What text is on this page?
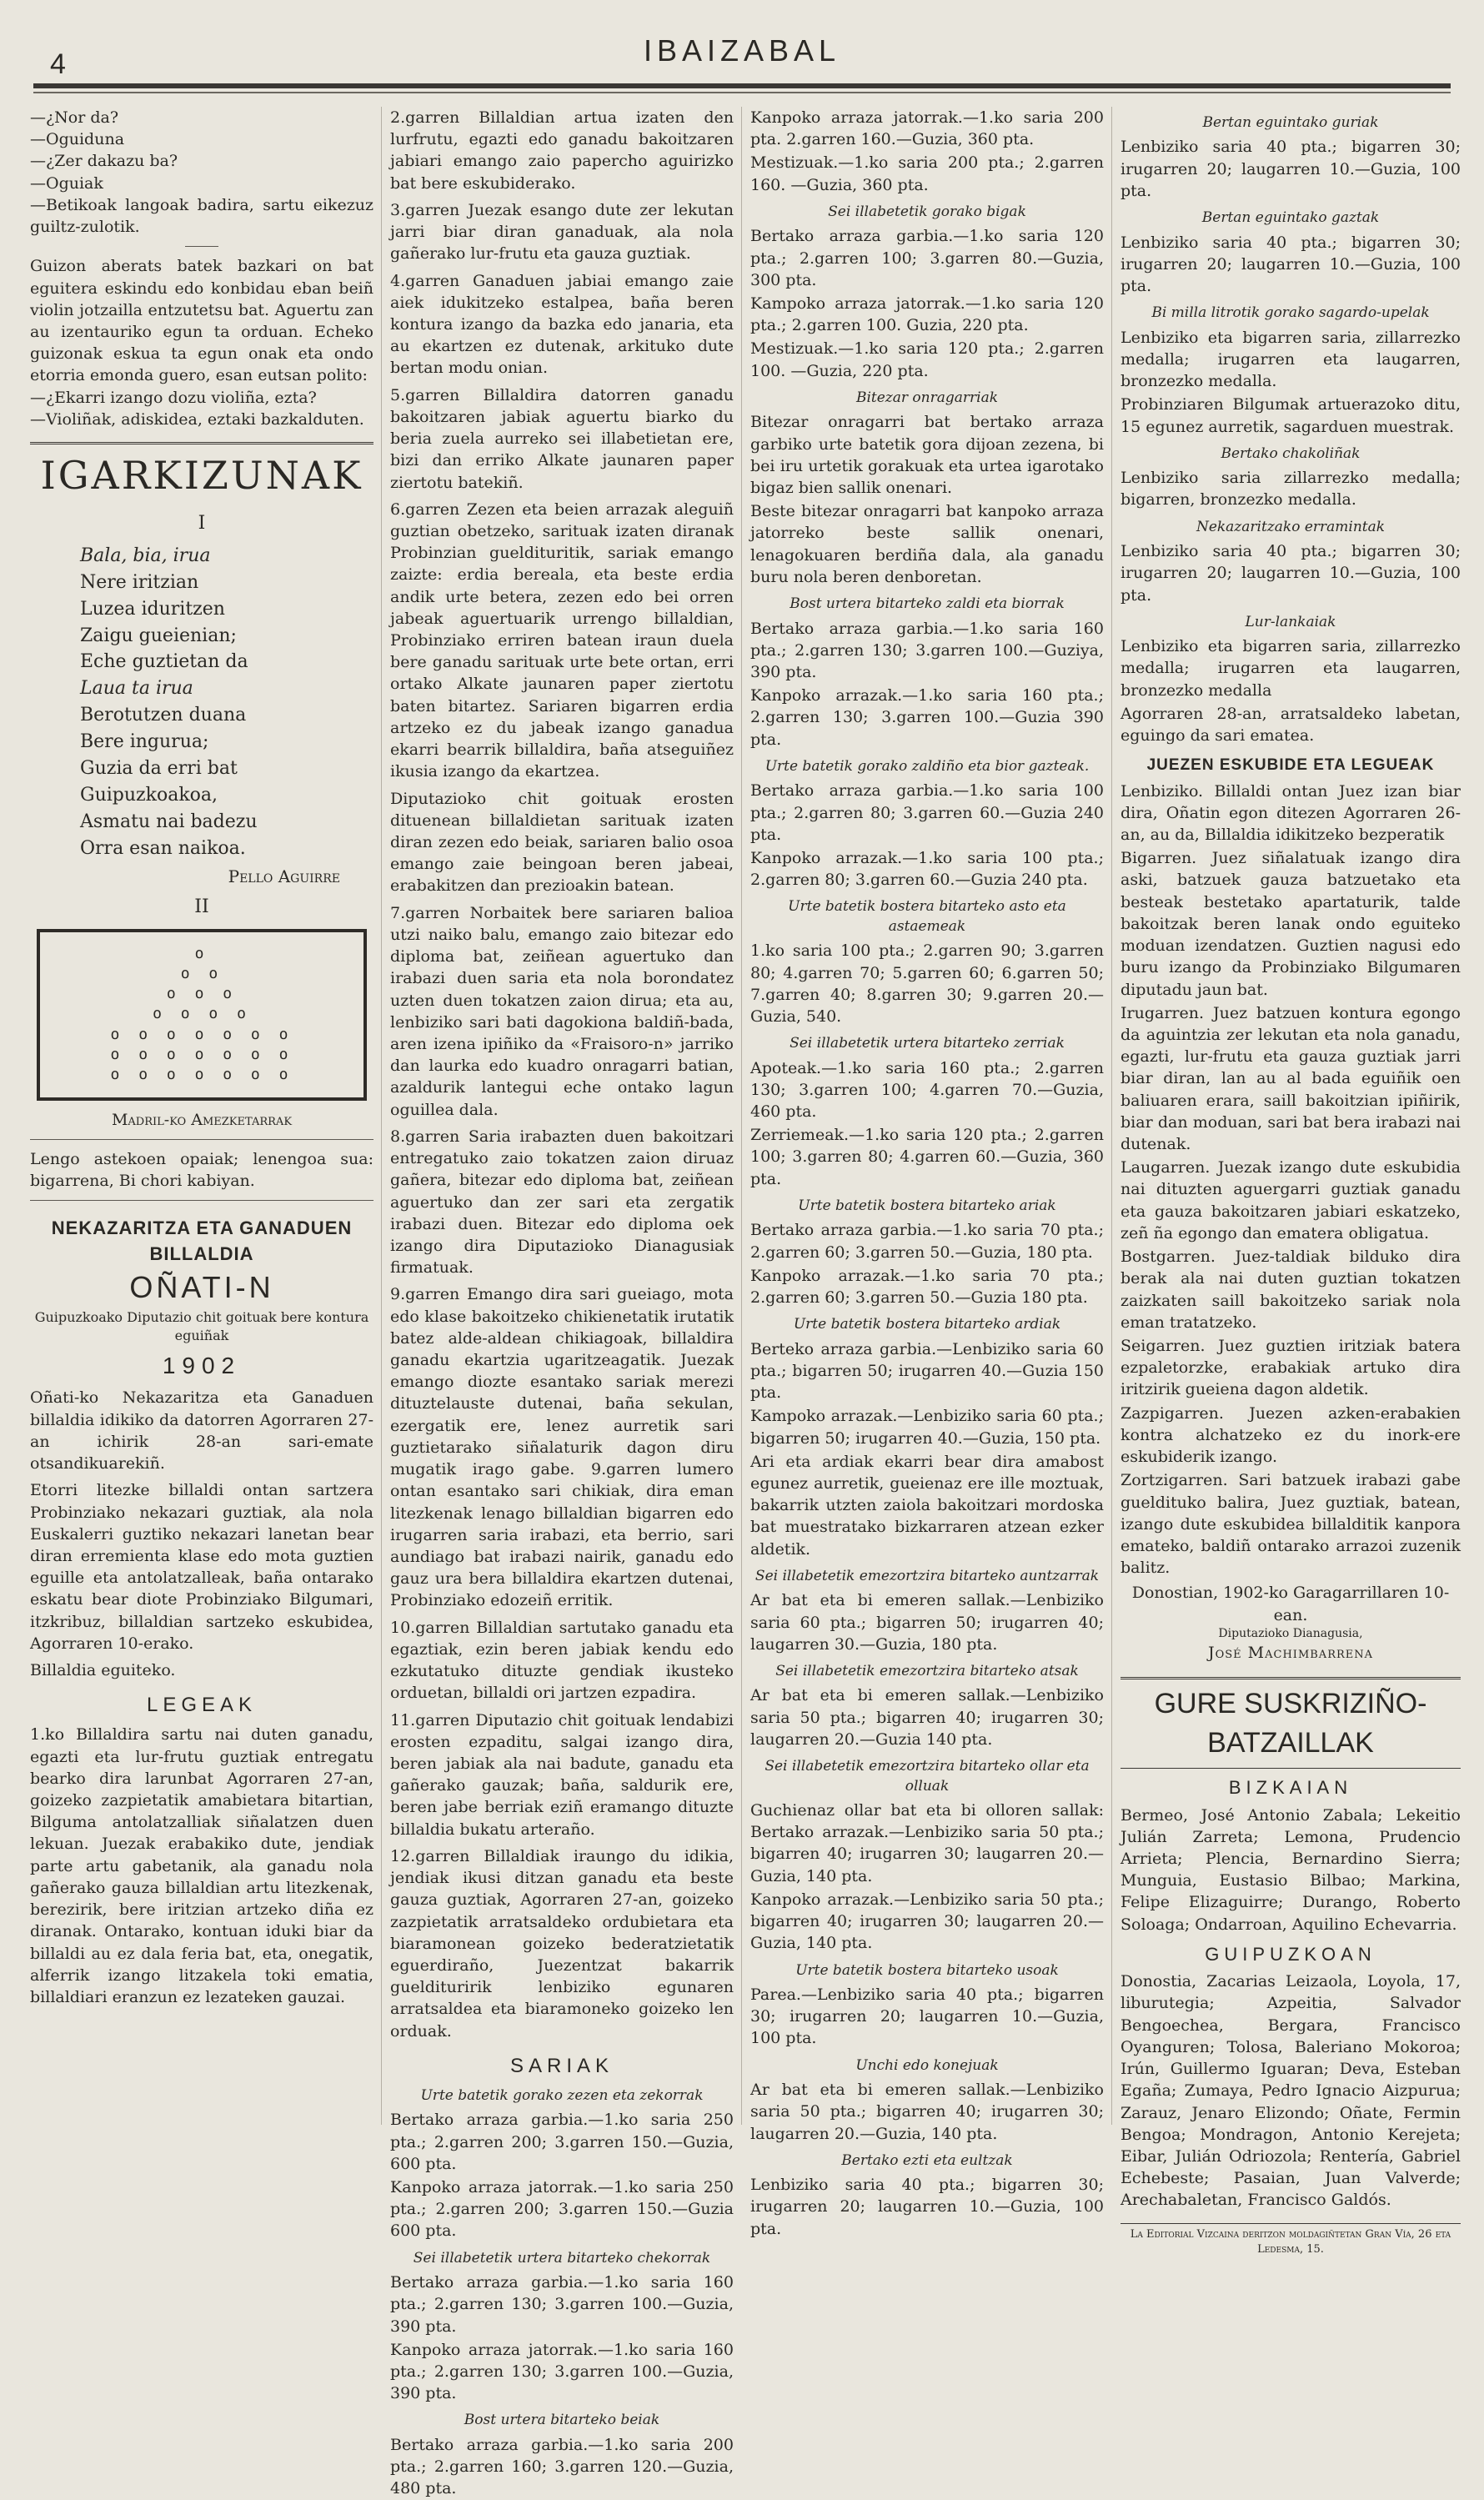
4	IBAIZABAL

—¿Nor da?

—Oguiduna

—¿Zer dakazu ba?

—Oguiak

—Betikoak langoak badira, sartu eikezuz guiltz-zulotik.

Guizon aberats batek bazkari on bat eguitera eskindu edo konbidau eban beiñ violin jotzailla entzutetsu bat. Aguertu zan au izentauriko egun ta orduan. Echeko guizonak eskua ta egun onak eta ondo etorria emonda guero, esan eutsan polito:

—¿Ekarri izango dozu violiña, ezta?

—Violiñak, adiskidea, eztaki bazkalduten.

IGARKIZUNAK
I
Bala, bia, irua
Nere iritzian
Luzea iduritzen
Zaigu gueienian;
Eche guztietan da
Laua ta irua
Berotutzen duana
Bere ingurua;
Guzia da erri bat
Guipuzkoakoa,
Asmatu nai badezu
Orra esan naikoa.
Pello Aguirre
II
o
o o
o o o
o o o o
o o o o o o o
o o o o o o o
o o o o o o o
Madril-ko Amezketarrak

Lengo astekoen opaiak; lenengoa sua: bigarrena, Bi chori kabiyan.

NEKAZARITZA ETA GANADUEN BILLALDIA
OÑATI-N
Guipuzkoako Diputazio chit goituak bere kontura eguiñak
1902

Oñati-ko Nekazaritza eta Ganaduen billaldia idikiko da datorren Agorraren 27-an ichirik 28-an sari-emate otsandikuarekiñ.

Etorri litezke billaldi ontan sartzera Probinziako nekazari guztiak, ala nola Euskalerri guztiko nekazari lanetan bear diran erremienta klase edo mota guztien eguille eta antolatzalleak, baña ontarako eskatu bear diote Probinziako Bilgumari, itzkribuz, billaldian sartzeko eskubidea, Agorraren 10-erako.

Billaldia eguiteko.

LEGEAK

1.ko Billaldira sartu nai duten ganadu, egazti eta lur-frutu guztiak entregatu bearko dira larunbat Agorraren 27-an, goizeko zazpietatik amabietara bitartian, Bilguma antolatzalliak siñalatzen duen lekuan. Juezak erabakiko dute, jendiak parte artu gabetanik, ala ganadu nola gañerako gauza billaldian artu litezkenak, berezirik, bere iritzian artzeko diña ez diranak. Ontarako, kontuan iduki biar da billaldi au ez dala feria bat, eta, onegatik, alferrik izango litzakela toki ematia, billaldiari eranzun ez lezateken gauzai.

2.garren Billaldian artua izaten den lurfrutu, egazti edo ganadu bakoitzaren jabiari emango zaio papercho aguirizko bat bere eskubiderako.

3.garren Juezak esango dute zer lekutan jarri biar diran ganaduak, ala nola gañerako lur-frutu eta gauza guztiak.

4.garren Ganaduen jabiai emango zaie aiek idukitzeko estalpea, baña beren kontura izango da bazka edo janaria, eta au ekartzen ez dutenak, arkituko dute bertan modu onian.

5.garren Billaldira datorren ganadu bakoitzaren jabiak aguertu biarko du beria zuela aurreko sei illabetietan ere, bizi dan erriko Alkate jaunaren paper ziertotu batekiñ.

6.garren Zezen eta beien arrazak aleguiñ guztian obetzeko, sarituak izaten diranak Probinzian gueldituritik, sariak emango zaizte: erdia bereala, eta beste erdia andik urte betera, zezen edo bei orren jabeak aguertuarik urrengo billaldian, Probinziako erriren batean iraun duela bere ganadu sarituak urte bete ortan, erri ortako Alkate jaunaren paper ziertotu baten bitartez. Sariaren bigarren erdia artzeko ez du jabeak izango ganadua ekarri bearrik billaldira, baña atseguiñez ikusia izango da ekartzea.

Diputazioko chit goituak erosten dituenean billaldietan sarituak izaten diran zezen edo beiak, sariaren balio osoa emango zaie beingoan beren jabeai, erabakitzen dan prezioakin batean.

7.garren Norbaitek bere sariaren balioa utzi naiko balu, emango zaio bitezar edo diploma bat, zeiñean aguertuko dan irabazi duen saria eta nola borondatez uzten duen tokatzen zaion dirua; eta au, lenbiziko sari bati dagokiona baldiñ-bada, aren izena ipiñiko da «Fraisoro-n» jarriko dan laurka edo kuadro onragarri batian, azaldurik lantegui eche ontako lagun oguillea dala.

8.garren Saria irabazten duen bakoitzari entregatuko zaio tokatzen zaion diruaz gañera, bitezar edo diploma bat, zeiñean aguertuko dan zer sari eta zergatik irabazi duen. Bitezar edo diploma oek izango dira Diputazioko Dianagusiak firmatuak.

9.garren Emango dira sari gueiago, mota edo klase bakoitzeko chikienetatik irutatik batez alde-aldean chikiagoak, billaldira ganadu ekartzia ugaritzeagatik. Juezak emango diozte esantako sariak merezi dituztelauste dutenai, baña sekulan, ezergatik ere, lenez aurretik sari guztietarako siñalaturik dagon diru mugatik irago gabe. 9.garren lumero ontan esantako sari chikiak, dira eman litezkenak lenago billaldian bigarren edo irugarren saria irabazi, eta berrio, sari aundiago bat irabazi nairik, ganadu edo gauz ura bera billaldira ekartzen dutenai, Probinziako edozeiñ erritik.

10.garren Billaldian sartutako ganadu eta egaztiak, ezin beren jabiak kendu edo ezkutatuko dituzte gendiak ikusteko orduetan, billaldi ori jartzen ezpadira.

11.garren Diputazio chit goituak lendabizi erosten ezpaditu, salgai izango dira, beren jabiak ala nai badute, ganadu eta gañerako gauzak; baña, saldurik ere, beren jabe berriak eziñ eramango dituzte billaldia bukatu arteraño.

12.garren Billaldiak iraungo du idikia, jendiak ikusi ditzan ganadu eta beste gauza guztiak, Agorraren 27-an, goizeko zazpietatik arratsaldeko ordubietara eta biaramonean goizeko bederatzietatik eguerdiraño, Juezentzat bakarrik gueldituririk lenbiziko egunaren arratsaldea eta biaramoneko goizeko len orduak.

SARIAK
Urte batetik gorako zezen eta zekorrak

Bertako arraza garbia.—1.ko saria 250 pta.; 2.garren 200; 3.garren 150.—Guzia, 600 pta.

Kanpoko arraza jatorrak.—1.ko saria 250 pta.; 2.garren 200; 3.garren 150.—Guzia 600 pta.

Sei illabetetik urtera bitarteko chekorrak

Bertako arraza garbia.—1.ko saria 160 pta.; 2.garren 130; 3.garren 100.—Guzia, 390 pta.

Kanpoko arraza jatorrak.—1.ko saria 160 pta.; 2.garren 130; 3.garren 100.—Guzia, 390 pta.

Bost urtera bitarteko beiak

Bertako arraza garbia.—1.ko saria 200 pta.; 2.garren 160; 3.garren 120.—Guzia, 480 pta.

Kanpoko arraza jatorrak.—1.ko saria 200 pta. 2.garren 160.—Guzia, 360 pta.

Mestizuak.—1.ko saria 200 pta.; 2.garren 160. —Guzia, 360 pta.

Sei illabetetik gorako bigak

Bertako arraza garbia.—1.ko saria 120 pta.; 2.garren 100; 3.garren 80.—Guzia, 300 pta.

Kampoko arraza jatorrak.—1.ko saria 120 pta.; 2.garren 100. Guzia, 220 pta.

Mestizuak.—1.ko saria 120 pta.; 2.garren 100. —Guzia, 220 pta.

Bitezar onragarriak

Bitezar onragarri bat bertako arraza garbiko urte batetik gora dijoan zezena, bi bei iru urtetik gorakuak eta urtea igarotako bigaz bien sallik onenari.

Beste bitezar onragarri bat kanpoko arraza jatorreko beste sallik onenari, lenagokuaren berdiña dala, ala ganadu buru nola beren denboretan.

Bost urtera bitarteko zaldi eta biorrak

Bertako arraza garbia.—1.ko saria 160 pta.; 2.garren 130; 3.garren 100.—Guziya, 390 pta.

Kanpoko arrazak.—1.ko saria 160 pta.; 2.garren 130; 3.garren 100.—Guzia 390 pta.

Urte batetik gorako zaldiño eta bior gazteak.

Bertako arraza garbia.—1.ko saria 100 pta.; 2.garren 80; 3.garren 60.—Guzia 240 pta.

Kanpoko arrazak.—1.ko saria 100 pta.; 2.garren 80; 3.garren 60.—Guzia 240 pta.

Urte batetik bostera bitarteko asto eta astaemeak

1.ko saria 100 pta.; 2.garren 90; 3.garren 80; 4.garren 70; 5.garren 60; 6.garren 50; 7.garren 40; 8.garren 30; 9.garren 20.—Guzia, 540.

Sei illabetetik urtera bitarteko zerriak

Apoteak.—1.ko saria 160 pta.; 2.garren 130; 3.garren 100; 4.garren 70.—Guzia, 460 pta.

Zerriemeak.—1.ko saria 120 pta.; 2.garren 100; 3.garren 80; 4.garren 60.—Guzia, 360 pta.

Urte batetik bostera bitarteko ariak

Bertako arraza garbia.—1.ko saria 70 pta.; 2.garren 60; 3.garren 50.—Guzia, 180 pta.

Kanpoko arrazak.—1.ko saria 70 pta.; 2.garren 60; 3.garren 50.—Guzia 180 pta.

Urte batetik bostera bitarteko ardiak

Berteko arraza garbia.—Lenbiziko saria 60 pta.; bigarren 50; irugarren 40.—Guzia 150 pta.

Kampoko arrazak.—Lenbiziko saria 60 pta.; bigarren 50; irugarren 40.—Guzia, 150 pta.

Ari eta ardiak ekarri bear dira amabost egunez aurretik, gueienaz ere ille moztuak, bakarrik utzten zaiola bakoitzari mordoska bat muestratako bizkarraren atzean ezker aldetik.

Sei illabetetik emezortzira bitarteko auntzarrak

Ar bat eta bi emeren sallak.—Lenbiziko saria 60 pta.; bigarren 50; irugarren 40; laugarren 30.—Guzia, 180 pta.

Sei illabetetik emezortzira bitarteko atsak

Ar bat eta bi emeren sallak.—Lenbiziko saria 50 pta.; bigarren 40; irugarren 30; laugarren 20.—Guzia 140 pta.

Sei illabetetik emezortzira bitarteko ollar eta olluak

Guchienaz ollar bat eta bi olloren sallak: Bertako arrazak.—Lenbiziko saria 50 pta.; bigarren 40; irugarren 30; laugarren 20.—Guzia, 140 pta.

Kanpoko arrazak.—Lenbiziko saria 50 pta.; bigarren 40; irugarren 30; laugarren 20.—Guzia, 140 pta.

Urte batetik bostera bitarteko usoak

Parea.—Lenbiziko saria 40 pta.; bigarren 30; irugarren 20; laugarren 10.—Guzia, 100 pta.

Unchi edo konejuak

Ar bat eta bi emeren sallak.—Lenbiziko saria 50 pta.; bigarren 40; irugarren 30; laugarren 20.—Guzia, 140 pta.

Bertako ezti eta eultzak

Lenbiziko saria 40 pta.; bigarren 30; irugarren 20; laugarren 10.—Guzia, 100 pta.

Bertan eguintako guriak

Lenbiziko saria 40 pta.; bigarren 30; irugarren 20; laugarren 10.—Guzia, 100 pta.

Bertan eguintako gaztak

Lenbiziko saria 40 pta.; bigarren 30; irugarren 20; laugarren 10.—Guzia, 100 pta.

Bi milla litrotik gorako sagardo-upelak

Lenbiziko eta bigarren saria, zillarrezko medalla; irugarren eta laugarren, bronzezko medalla.

Probinziaren Bilgumak artuerazoko ditu, 15 egunez aurretik, sagarduen muestrak.

Bertako chakoliñak

Lenbiziko saria zillarrezko medalla; bigarren, bronzezko medalla.

Nekazaritzako erramintak

Lenbiziko saria 40 pta.; bigarren 30; irugarren 20; laugarren 10.—Guzia, 100 pta.

Lur-lankaiak

Lenbiziko eta bigarren saria, zillarrezko medalla; irugarren eta laugarren, bronzezko medalla

Agorraren 28-an, arratsaldeko labetan, eguingo da sari ematea.

JUEZEN ESKUBIDE ETA LEGUEAK

Lenbiziko. Billaldi ontan Juez izan biar dira, Oñatin egon ditezen Agorraren 26-an, au da, Billaldia idikitzeko bezperatik

Bigarren. Juez siñalatuak izango dira aski, batzuek gauza batzuetako eta besteak bestetako apartaturik, talde bakoitzak beren lanak ondo eguiteko moduan izendatzen. Guztien nagusi edo buru izango da Probinziako Bilgumaren diputadu jaun bat.

Irugarren. Juez batzuen kontura egongo da aguintzia zer lekutan eta nola ganadu, egazti, lur-frutu eta gauza guztiak jarri biar diran, lan au al bada eguiñik oen baliuaren erara, saill bakoitzian ipiñirik, biar dan moduan, sari bat bera irabazi nai dutenak.

Laugarren. Juezak izango dute eskubidia nai dituzten aguergarri guztiak ganadu eta gauza bakoitzaren jabiari eskatzeko, zeñ ña egongo dan ematera obligatua.

Bostgarren. Juez-taldiak bilduko dira berak ala nai duten guztian tokatzen zaizkaten saill bakoitzeko sariak nola eman tratatzeko.

Seigarren. Juez guztien iritziak batera ezpaletorzke, erabakiak artuko dira iritzirik gueiena dagon aldetik.

Zazpigarren. Juezen azken-erabakien kontra alchatzeko ez du inork-ere eskubiderik izango.

Zortzigarren. Sari batzuek irabazi gabe gueldituko balira, Juez guztiak, batean, izango dute eskubidea billalditik kanpora emateko, baldiñ ontarako arrazoi zuzenik balitz.

Donostian, 1902-ko Garagarrillaren 10-ean.
Diputazioko Dianagusia,
José Machimbarrena
GURE SUSKRIZIÑO-BATZAILLAK
BIZKAIAN

Bermeo, José Antonio Zabala; Lekeitio Julián Zarreta; Lemona, Prudencio Arrieta; Plencia, Bernardino Sierra; Munguia, Eustasio Bilbao; Markina, Felipe Elizaguirre; Durango, Roberto Soloaga; Ondarroan, Aquilino Echevarria.

GUIPUZKOAN

Donostia, Zacarias Leizaola, Loyola, 17, liburutegia; Azpeitia, Salvador Bengoechea, Bergara, Francisco Oyanguren; Tolosa, Baleriano Mokoroa; Irún, Guillermo Iguaran; Deva, Esteban Egaña; Zumaya, Pedro Ignacio Aizpurua; Zarauz, Jenaro Elizondo; Oñate, Fermin Bengoa; Mondragon, Antonio Kerejeta; Eibar, Julián Odriozola; Rentería, Gabriel Echebeste; Pasaian, Juan Valverde; Arechabaletan, Francisco Galdós.

La Editorial Vizcaina deritzon moldagiñtetan Gran Vía, 26 eta Ledesma, 15.
